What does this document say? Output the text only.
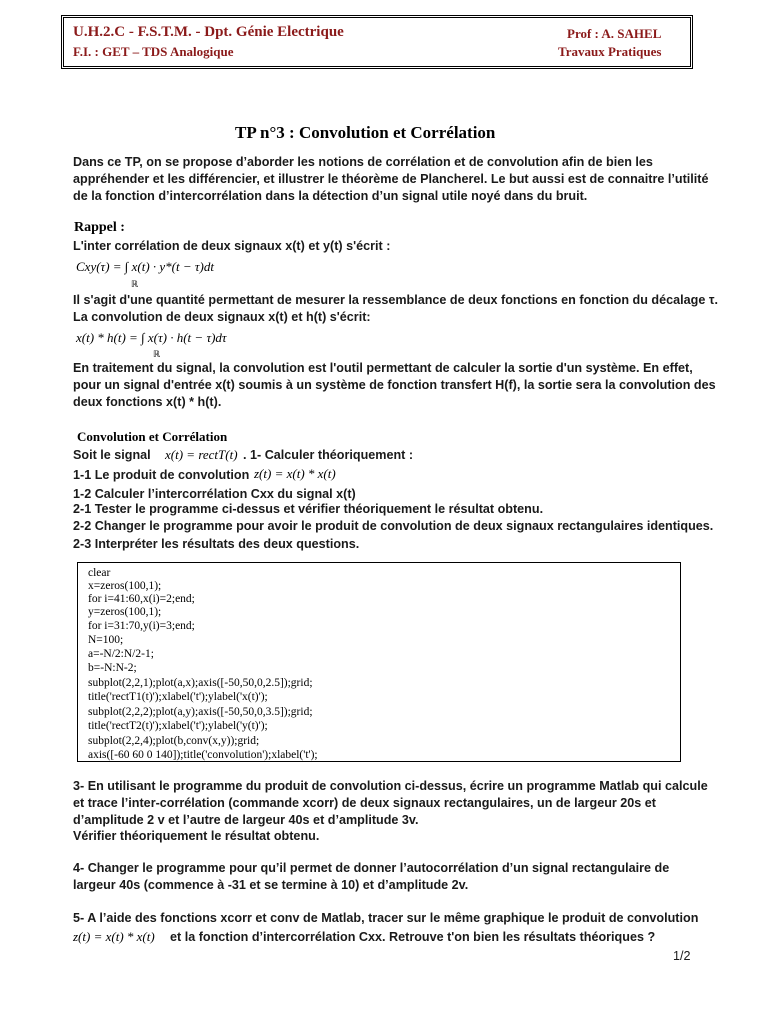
U.H.2.C - F.S.T.M. - Dpt. Génie Electrique
F.I. : GET – TDS Analogique
Prof : A. SAHEL
Travaux Pratiques
TP n°3 : Convolution et Corrélation
Dans ce TP, on se propose d’aborder les notions de corrélation et de convolution afin de bien les
appréhender et les différencier, et illustrer le théorème de Plancherel. Le but aussi est de connaitre l’utilité
de la fonction d’intercorrélation dans la détection d’un signal utile noyé dans du bruit.
Rappel :
L'inter corrélation de deux signaux x(t) et y(t) s'écrit :
Cxy(τ) = ∫ x(t) · y*(t − τ)dt
ℝ
Il s'agit d'une quantité permettant de mesurer la ressemblance de deux fonctions en fonction du décalage τ.
La convolution de deux signaux x(t) et h(t) s'écrit:
x(t) * h(t) = ∫ x(τ) · h(t − τ)dτ
ℝ
En traitement du signal, la convolution est l'outil permettant de calculer la sortie d'un système. En effet,
pour un signal d'entrée x(t) soumis à un système de fonction transfert H(f), la sortie sera la convolution des
deux fonctions x(t) * h(t).
Convolution et Corrélation
Soit le signal x(t) = rectT(t) . 1- Calculer théoriquement :
1-1 Le produit de convolution z(t) = x(t) * x(t)
1-2 Calculer l’intercorrélation Cxx du signal x(t)
2-1 Tester le programme ci-dessus et vérifier théoriquement le résultat obtenu.
2-2 Changer le programme pour avoir le produit de convolution de deux signaux rectangulaires identiques.
2-3 Interpréter les résultats des deux questions.
clear
x=zeros(100,1);
for i=41:60,x(i)=2;end;
y=zeros(100,1);
for i=31:70,y(i)=3;end;
N=100;
a=-N/2:N/2-1;
b=-N:N-2;
subplot(2,2,1);plot(a,x);axis([-50,50,0,2.5]);grid;
title('rectT1(t)');xlabel('t');ylabel('x(t)');
subplot(2,2,2);plot(a,y);axis([-50,50,0,3.5]);grid;
title('rectT2(t)');xlabel('t');ylabel('y(t)');
subplot(2,2,4);plot(b,conv(x,y));grid;
axis([-60 60 0 140]);title('convolution');xlabel('t');
3- En utilisant le programme du produit de convolution ci-dessus, écrire un programme Matlab qui calcule
et trace l’inter-corrélation (commande xcorr) de deux signaux rectangulaires, un de largeur 20s et
d’amplitude 2 v et l’autre de largeur 40s et d’amplitude 3v.
Vérifier théoriquement le résultat obtenu.
4- Changer le programme pour qu’il permet de donner l’autocorrélation d’un signal rectangulaire de
largeur 40s (commence à -31 et se termine à 10) et d’amplitude 2v.
5- A l’aide des fonctions xcorr et conv de Matlab, tracer sur le même graphique le produit de convolution
z(t) = x(t) * x(t) et la fonction d’intercorrélation Cxx. Retrouve t'on bien les résultats théoriques ?
1/2
